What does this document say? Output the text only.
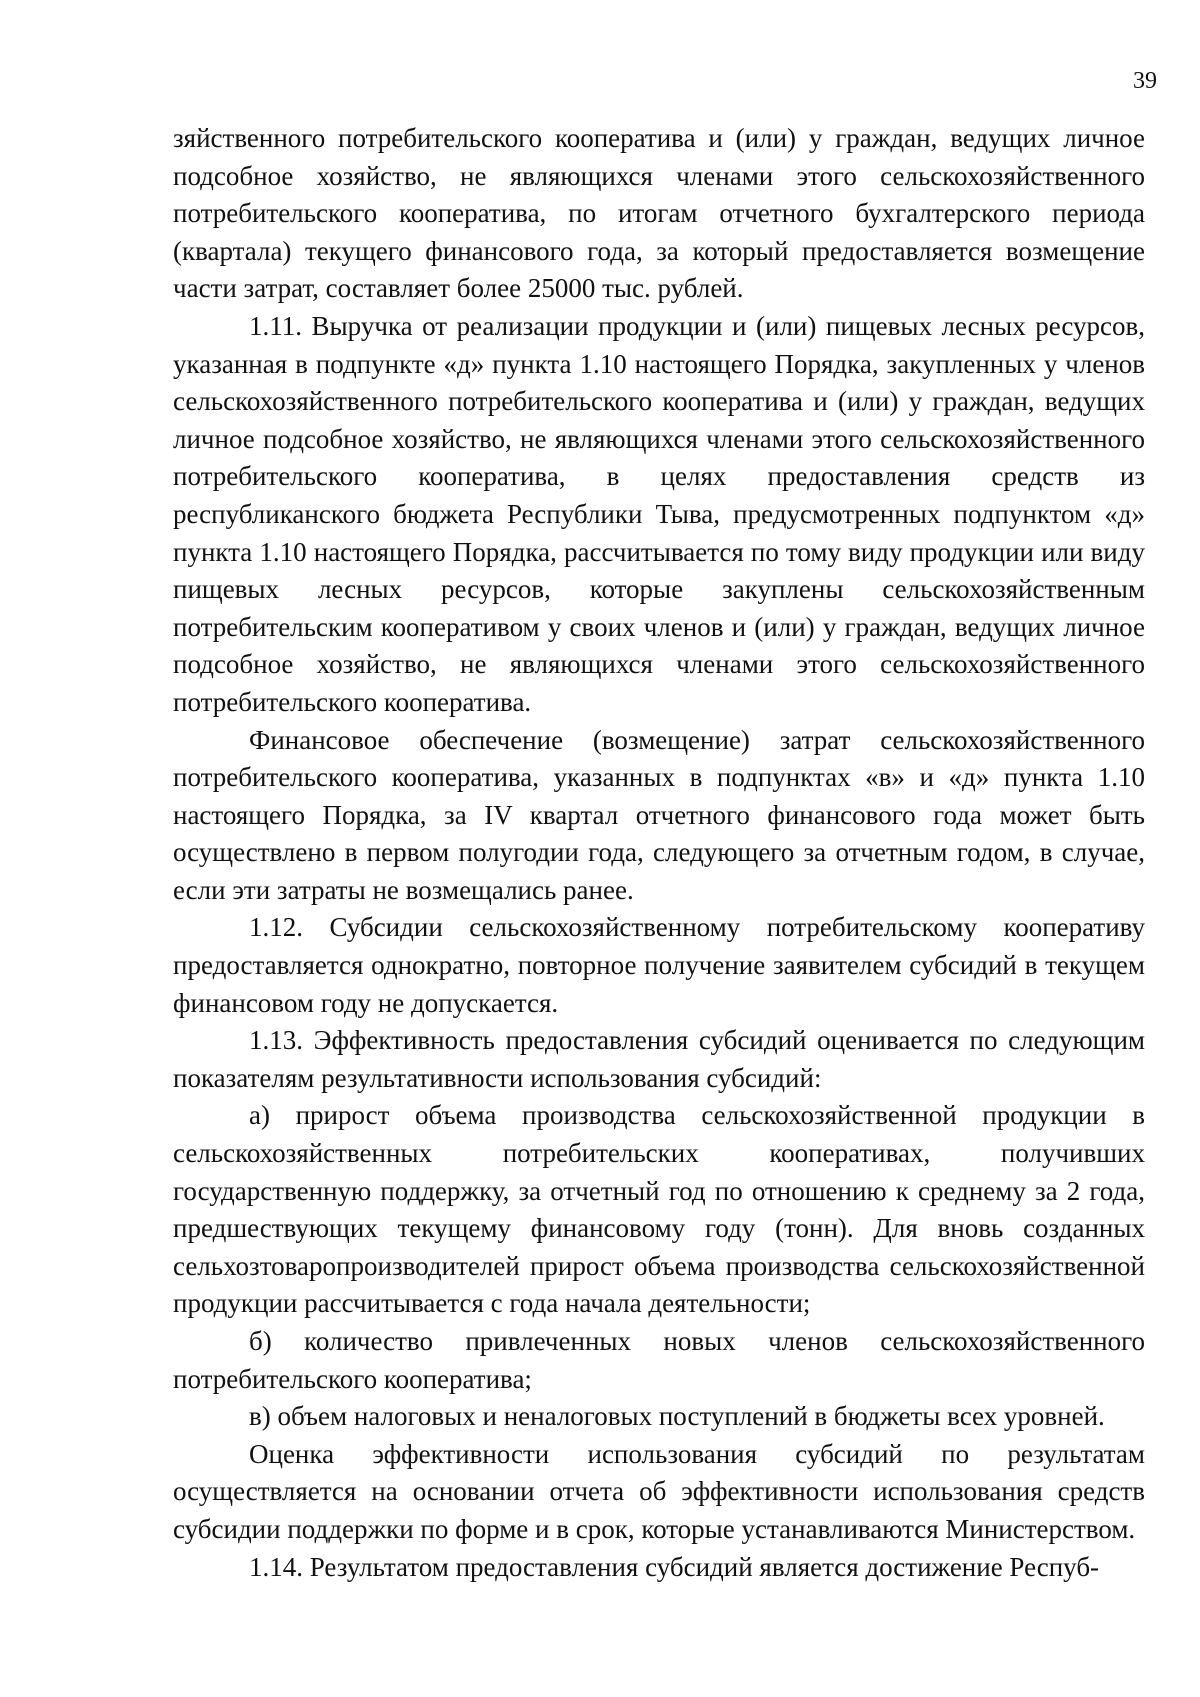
39

зяйственного потребительского кооператива и (или) у граждан, ведущих личное подсобное хозяйство, не являющихся членами этого сельскохозяйственного потребительского кооператива, по итогам отчетного бухгалтерского периода (квартала) текущего финансового года, за который предоставляется возмещение части затрат, составляет более 25000 тыс. рублей.

1.11. Выручка от реализации продукции и (или) пищевых лесных ресурсов, указанная в подпункте «д» пункта 1.10 настоящего Порядка, закупленных у членов сельскохозяйственного потребительского кооператива и (или) у граждан, ведущих личное подсобное хозяйство, не являющихся членами этого сельскохозяйственного потребительского кооператива, в целях предоставления средств из республиканского бюджета Республики Тыва, предусмотренных подпунктом «д» пункта 1.10 настоящего Порядка, рассчитывается по тому виду продукции или виду пищевых лесных ресурсов, которые закуплены сельскохозяйственным потребительским кооперативом у своих членов и (или) у граждан, ведущих личное подсобное хозяйство, не являющихся членами этого сельскохозяйственного потребительского кооператива.

Финансовое обеспечение (возмещение) затрат сельскохозяйственного потребительского кооператива, указанных в подпунктах «в» и «д» пункта 1.10 настоящего Порядка, за IV квартал отчетного финансового года может быть осуществлено в первом полугодии года, следующего за отчетным годом, в случае, если эти затраты не возмещались ранее.

1.12. Субсидии сельскохозяйственному потребительскому кооперативу предоставляется однократно, повторное получение заявителем субсидий в текущем финансовом году не допускается.

1.13. Эффективность предоставления субсидий оценивается по следующим показателям результативности использования субсидий:

а) прирост объема производства сельскохозяйственной продукции в сельскохозяйственных потребительских кооперативах, получивших государственную поддержку, за отчетный год по отношению к среднему за 2 года, предшествующих текущему финансовому году (тонн). Для вновь созданных сельхозтоваропроизводителей прирост объема производства сельскохозяйственной продукции рассчитывается с года начала деятельности;

б) количество привлеченных новых членов сельскохозяйственного потребительского кооператива;

в) объем налоговых и неналоговых поступлений в бюджеты всех уровней.

Оценка эффективности использования субсидий по результатам осуществляется на основании отчета об эффективности использования средств субсидии поддержки по форме и в срок, которые устанавливаются Министерством.

1.14. Результатом предоставления субсидий является достижение Респуб-
